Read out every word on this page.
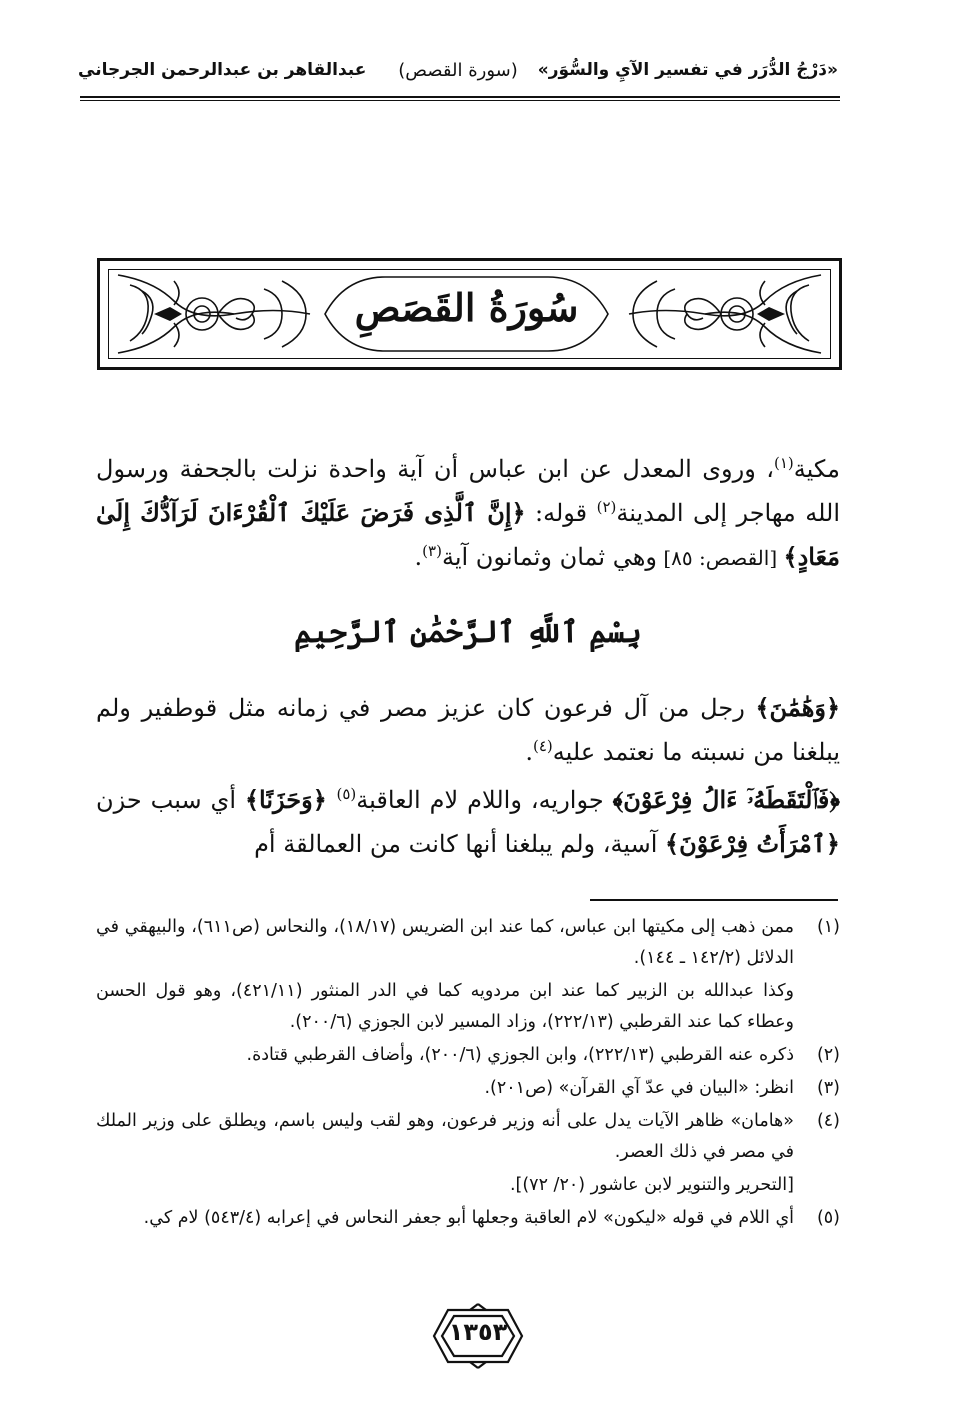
«دَرْجُ الدُّرَر في تفسير الآيِ والسُّوَر»
(سورة القصص)
عبدالقاهر بن عبدالرحمن الجرجاني
سُورَةُ القَصَصِ
مكية$^{(١)}$، وروى المعدل عن ابن عباس أن آية واحدة نزلت بالجحفة ورسول الله مهاجر إلى المدينة$^{(٢)}$ قوله: ﴿إِنَّ ٱلَّذِى فَرَضَ عَلَيْكَ ٱلْقُرْءَانَ لَرَآدُّكَ إِلَىٰ مَعَادٍ﴾ [القصص: ٨٥] وهي ثمان وثمانون آية$^{(٣)}$.
بِسْمِ ٱللَّهِ ٱلرَّحْمَٰنِ ٱلرَّحِيمِ
﴿وَهَٰمَٰنَ﴾ رجل من آل فرعون كان عزيز مصر في زمانه مثل قوطفير ولم يبلغنا من نسبته ما نعتمد عليه$^{(٤)}$.
﴿فَٱلْتَقَطَهُۥٓ ءَالُ فِرْعَوْنَ﴾ جواريه، واللام لام العاقبة$^{(٥)}$ ﴿وَحَزَنًا﴾ أي سبب حزن ﴿ٱمْرَأَتُ فِرْعَوْنَ﴾ آسية، ولم يبلغنا أنها كانت من العمالقة أم
(١)
ممن ذهب إلى مكيتها ابن عباس، كما عند ابن الضريس (١٨/١٧)، والنحاس (ص٦١١)، والبيهقي في الدلائل (١٤٢/٢ ـ ١٤٤).
وكذا عبدالله بن الزبير كما عند ابن مردويه كما في الدر المنثور (٤٢١/١١)، وهو قول الحسن وعطاء كما عند القرطبي (٢٢٢/١٣)، وزاد المسير لابن الجوزي (٢٠٠/٦).
(٢)
ذكره عنه القرطبي (٢٢٢/١٣)، وابن الجوزي (٢٠٠/٦)، وأضاف القرطبي قتادة.
(٣)
انظر: «البيان في عدّ آي القرآن» (ص٢٠١).
(٤)
«هامان» ظاهر الآيات يدل على أنه وزير فرعون، وهو لقب وليس باسم، ويطلق على وزير الملك في مصر في ذلك العصر.
[التحرير والتنوير لابن عاشور (٢٠/ ٧٢)].
(٥)
أي اللام في قوله «ليكون» لام العاقبة وجعلها أبو جعفر النحاس في إعرابه (٥٤٣/٤) لام كي.
١٣٥٣
